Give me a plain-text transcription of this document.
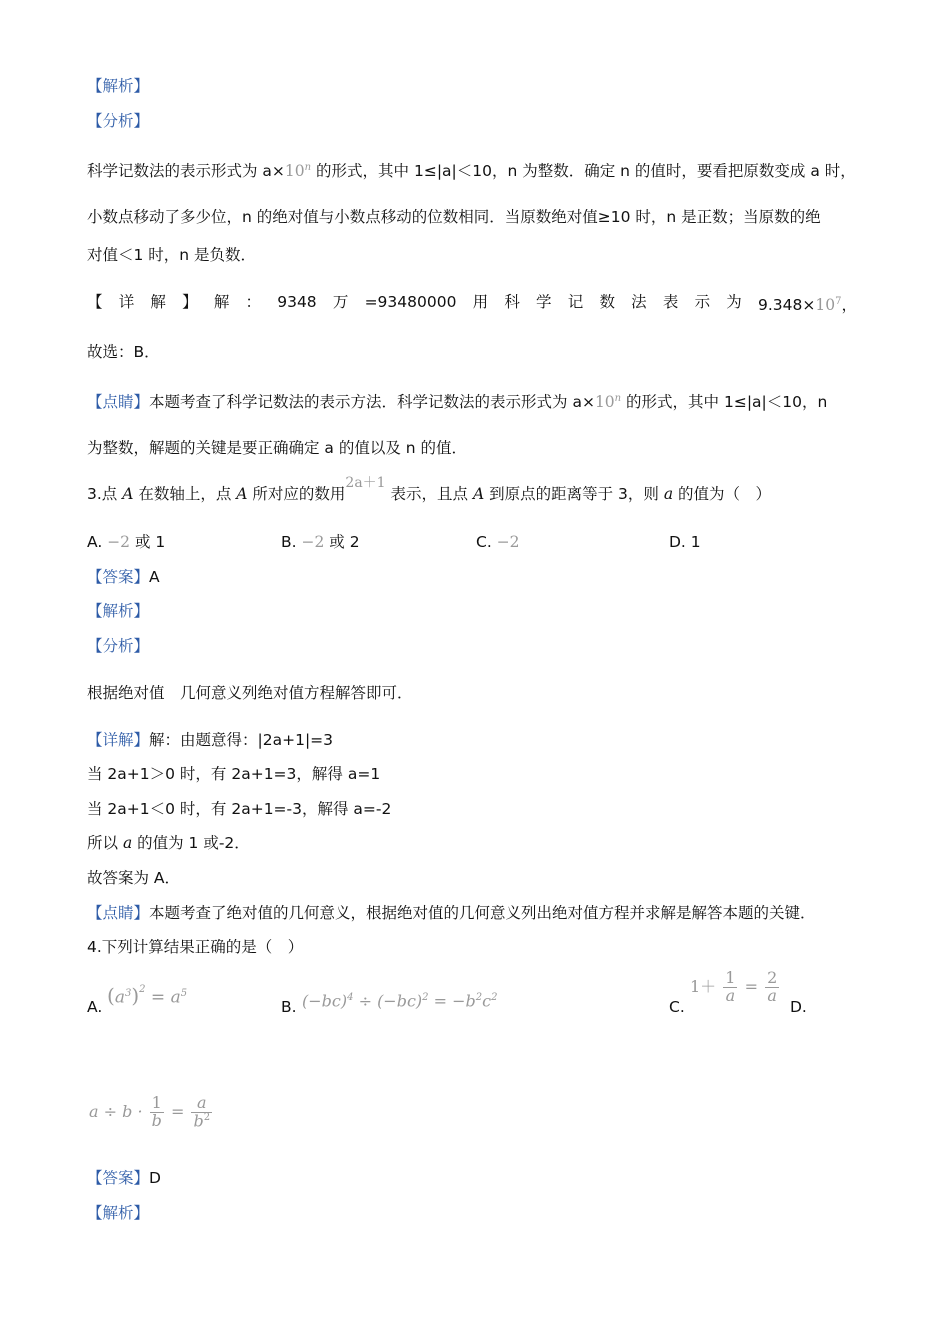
【解析】
【分析】
科学记数法的表示形式为 $a\times 10^n$ 的形式，其中 1≤|a|＜10，n 为整数．确定 n 的值时，要看把原数变成 a 时，
小数点移动了多少位，n 的绝对值与小数点移动的位数相同．当原数绝对值≥10 时，n 是正数；当原数的绝
对值＜1 时，n 是负数．
【 详 解 】 解 ： 9348 万 =93480000 用 科 学 记 数 法 表 示 为 $9.348\times 10^7$，
故选：B．
【点睛】本题考查了科学记数法的表示方法．科学记数法的表示形式为 $a\times 10^n$ 的形式，其中 1≤|a|＜10，n
为整数，解题的关键是要正确确定 a 的值以及 n 的值．
3.点 A 在数轴上，点 A 所对应的数用2a＋1 表示，且点 A 到原点的距离等于 3，则 a 的值为（　）
A. −2 或 1	B. −2 或 2	C. −2	D. 1
【答案】A
【解析】
【分析】
根据绝对值　几何意义列绝对值方程解答即可．
【详解】解：由题意得：|2a+1|=3
当 2a+1＞0 时，有 2a+1=3，解得 a=1
当 2a+1＜0 时，有 2a+1=-3，解得 a=-2
所以 a 的值为 1 或-2．
故答案为 A．
【点睛】本题考查了绝对值的几何意义，根据绝对值的几何意义列出绝对值方程并求解是解答本题的关键．
4.下列计算结果正确的是（　）
A. $(a^3)^2 = a^5$
B. $(-bc)^4 \div (-bc)^2 = -b^2c^2$
C.
$1+ \frac{1}{a} = \frac{2}{a}$
D.
$a \div b \cdot \frac{1}{b} = \frac{a}{b^2}$
【答案】D
【解析】
